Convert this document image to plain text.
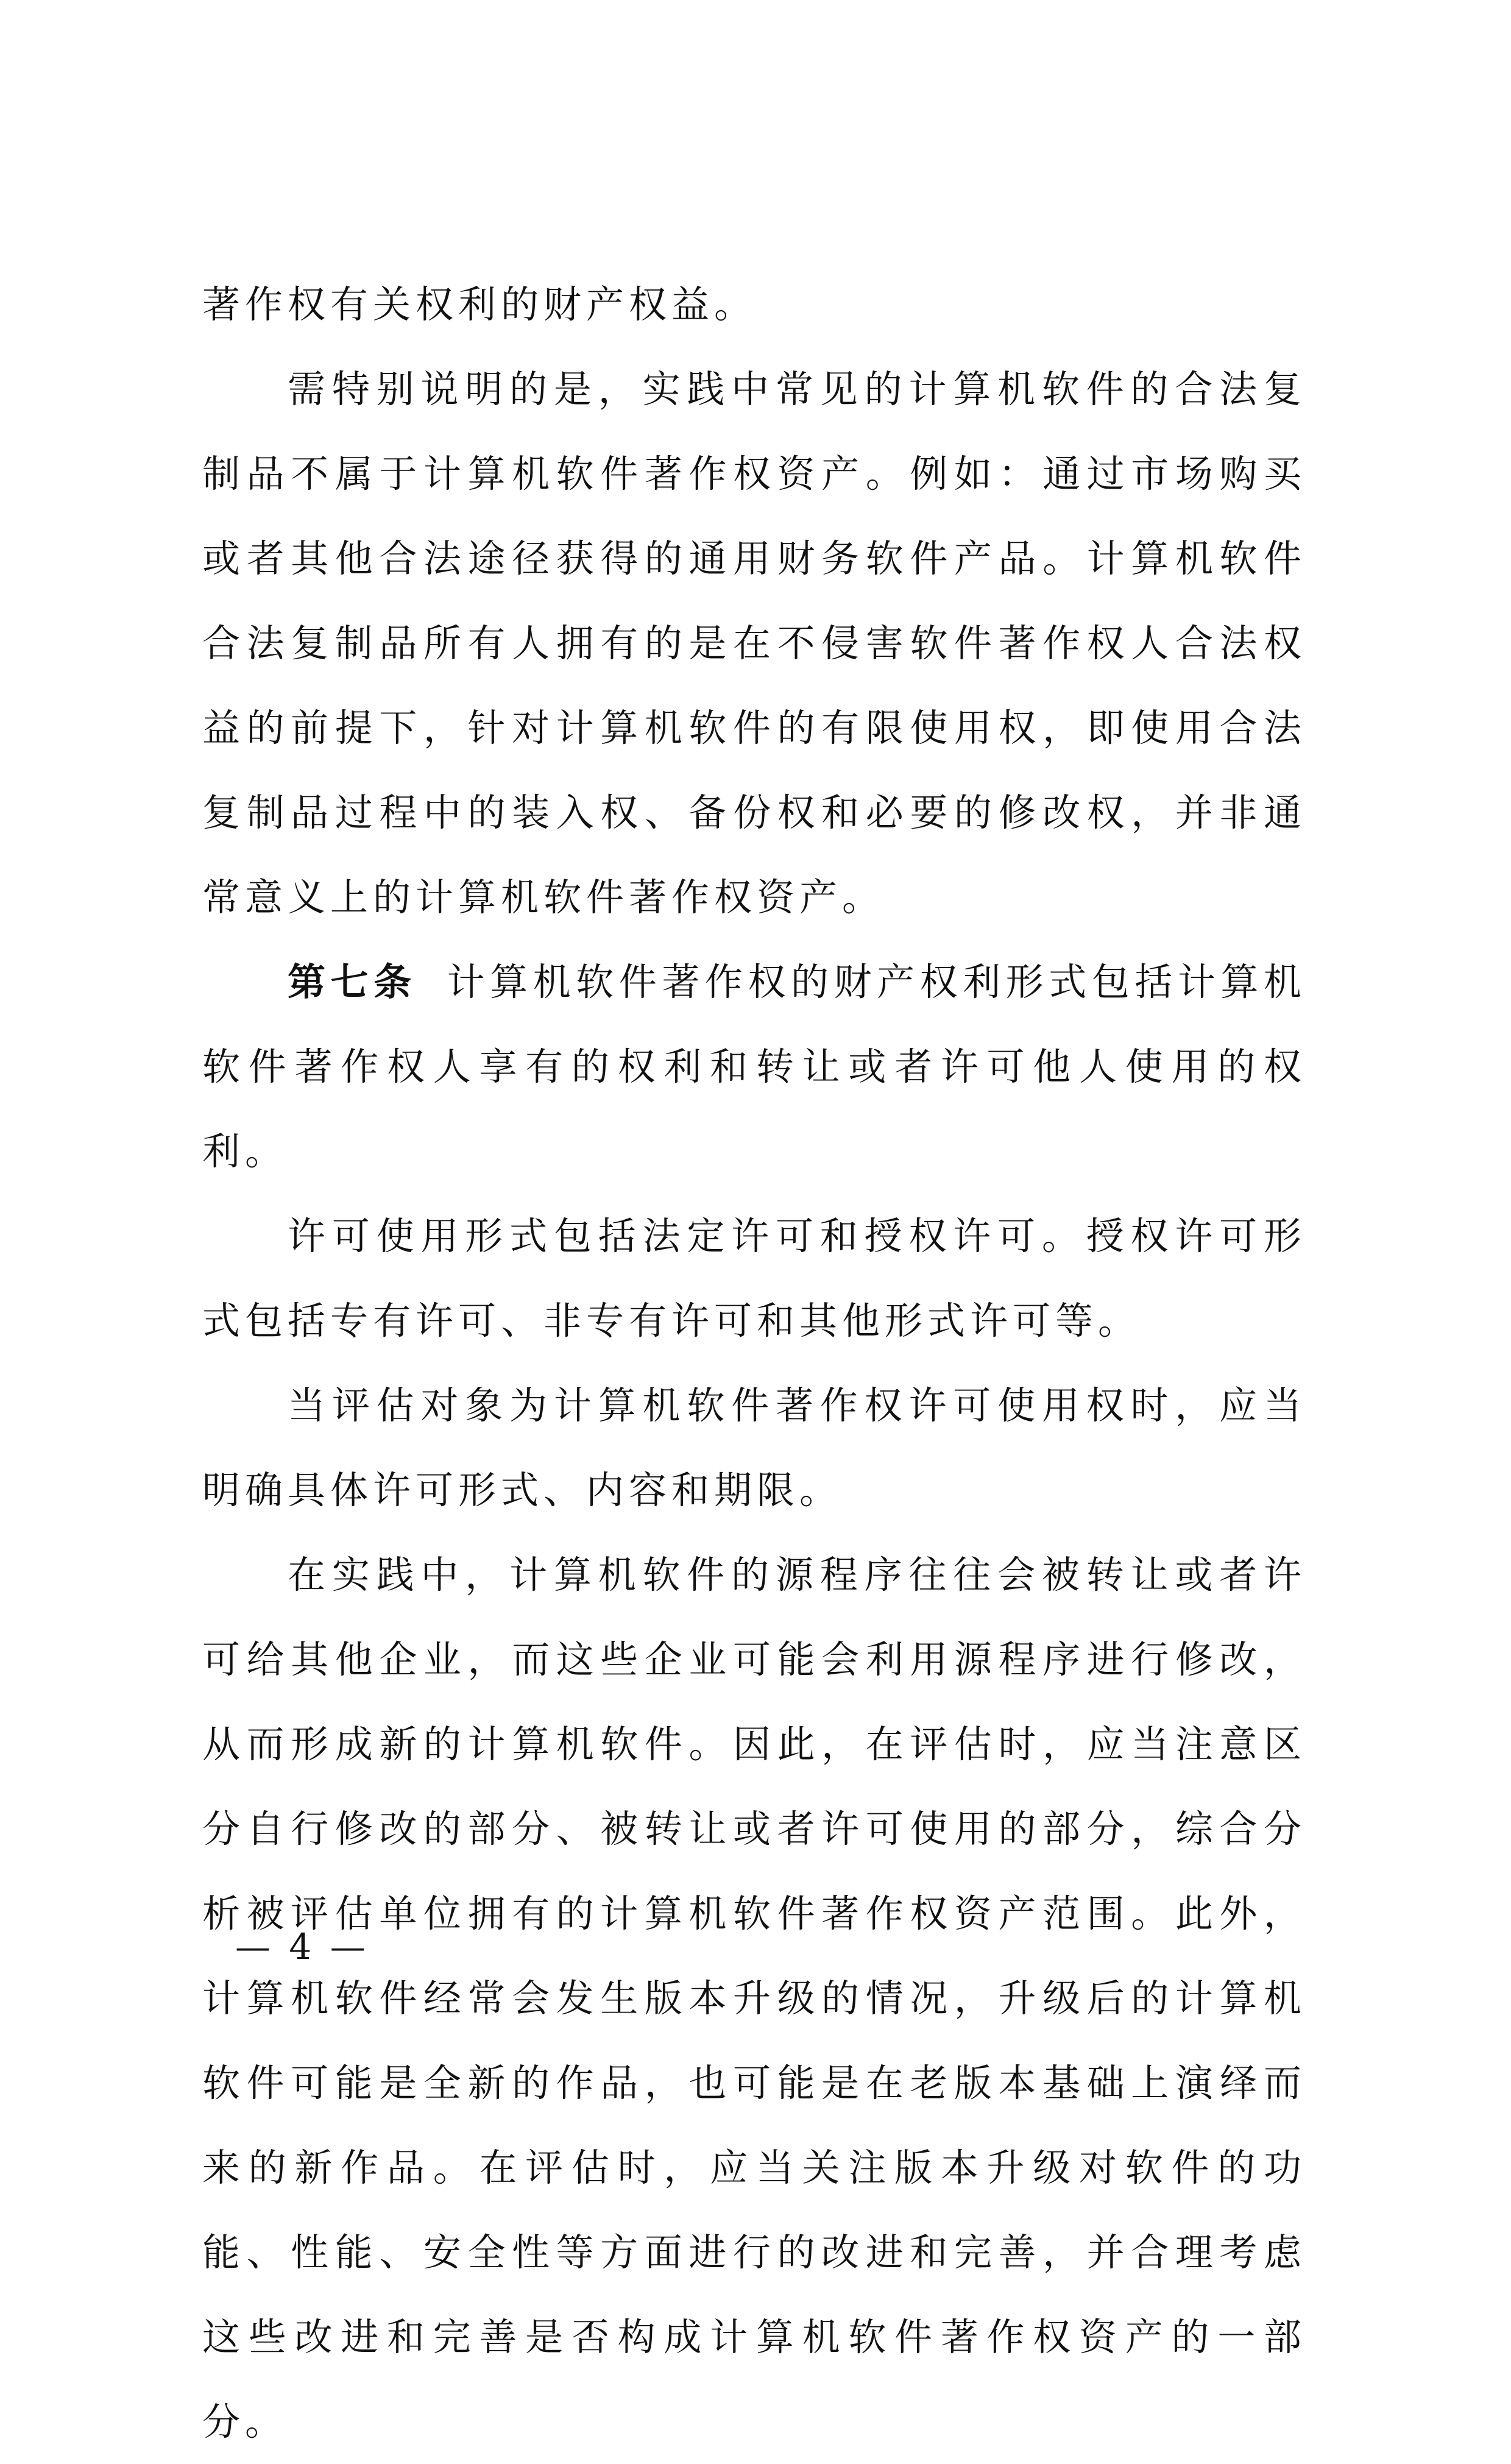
著作权有关权利的财产权益。

需特别说明的是，实践中常见的计算机软件的合法复制品不属于计算机软件著作权资产。例如：通过市场购买或者其他合法途径获得的通用财务软件产品。计算机软件合法复制品所有人拥有的是在不侵害软件著作权人合法权益的前提下，针对计算机软件的有限使用权，即使用合法复制品过程中的装入权、备份权和必要的修改权，并非通常意义上的计算机软件著作权资产。

第七条 计算机软件著作权的财产权利形式包括计算机软件著作权人享有的权利和转让或者许可他人使用的权利。

许可使用形式包括法定许可和授权许可。授权许可形式包括专有许可、非专有许可和其他形式许可等。

当评估对象为计算机软件著作权许可使用权时，应当明确具体许可形式、内容和期限。

在实践中，计算机软件的源程序往往会被转让或者许可给其他企业，而这些企业可能会利用源程序进行修改，从而形成新的计算机软件。因此，在评估时，应当注意区分自行修改的部分、被转让或者许可使用的部分，综合分析被评估单位拥有的计算机软件著作权资产范围。此外，计算机软件经常会发生版本升级的情况，升级后的计算机软件可能是全新的作品，也可能是在老版本基础上演绎而来的新作品。在评估时，应当关注版本升级对软件的功能、性能、安全性等方面进行的改进和完善，并合理考虑这些改进和完善是否构成计算机软件著作权资产的一部分。

— 4 —
